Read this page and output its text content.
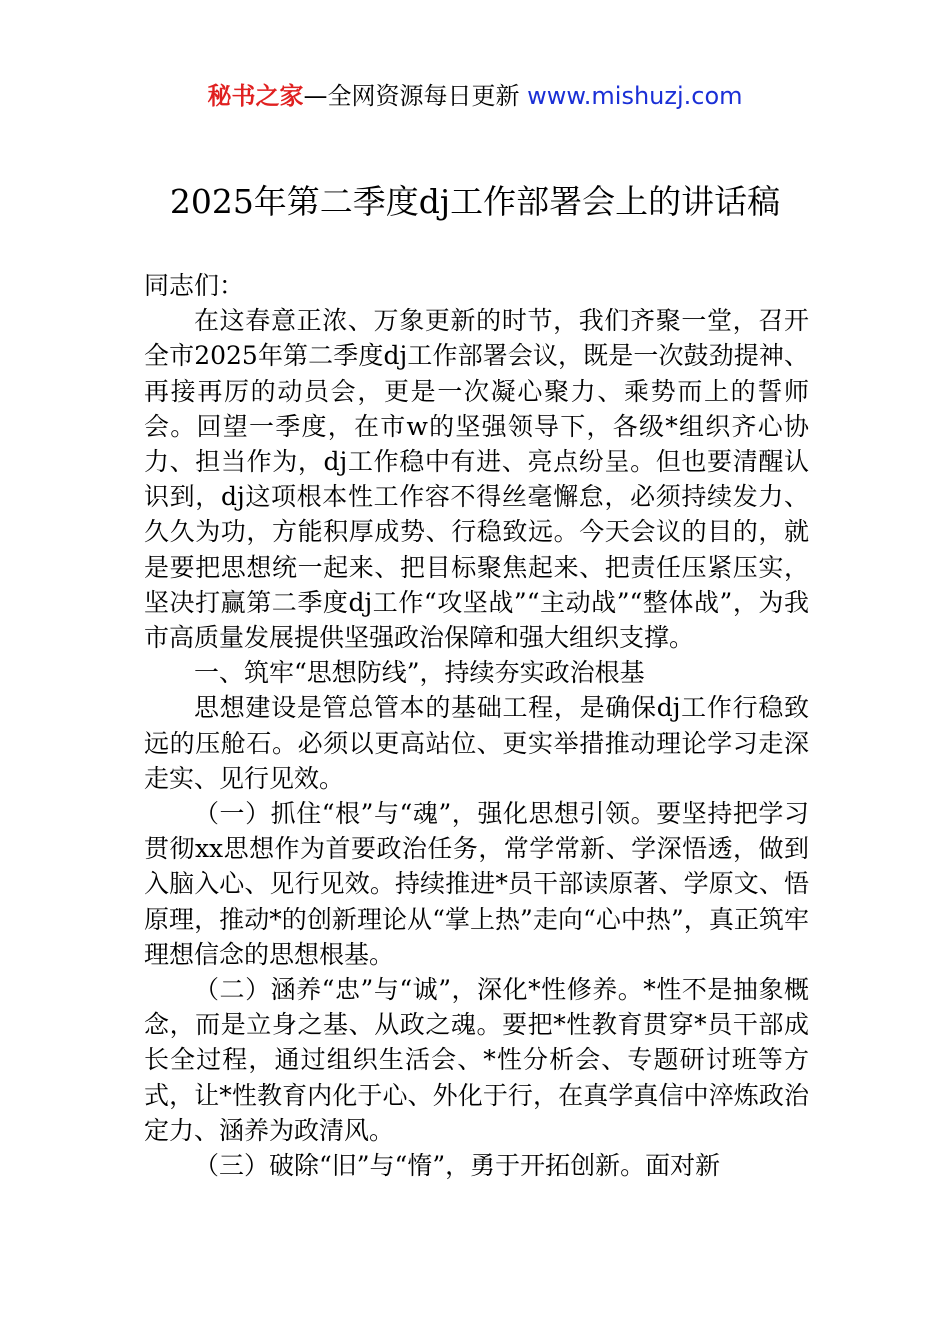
秘书之家—全网资源每日更新 www.mishuzj.com
2025年第二季度dj工作部署会上的讲话稿

同志们：

在这春意正浓、万象更新的时节，我们齐聚一堂，召开全市2025年第二季度dj工作部署会议，既是一次鼓劲提神、再接再厉的动员会，更是一次凝心聚力、乘势而上的誓师会。回望一季度，在市w的坚强领导下，各级*组织齐心协力、担当作为，dj工作稳中有进、亮点纷呈。但也要清醒认识到，dj这项根本性工作容不得丝毫懈怠，必须持续发力、久久为功，方能积厚成势、行稳致远。今天会议的目的，就是要把思想统一起来、把目标聚焦起来、把责任压紧压实，坚决打赢第二季度dj工作“攻坚战”“主动战”“整体战”，为我市高质量发展提供坚强政治保障和强大组织支撑。

一、筑牢“思想防线”，持续夯实政治根基

思想建设是管总管本的基础工程，是确保dj工作行稳致远的压舱石。必须以更高站位、更实举措推动理论学习走深走实、见行见效。

（一）抓住“根”与“魂”，强化思想引领。要坚持把学习贯彻xx思想作为首要政治任务，常学常新、学深悟透，做到入脑入心、见行见效。持续推进*员干部读原著、学原文、悟原理，推动*的创新理论从“掌上热”走向“心中热”，真正筑牢理想信念的思想根基。

（二）涵养“忠”与“诚”，深化*性修养。*性不是抽象概念，而是立身之基、从政之魂。要把*性教育贯穿*员干部成长全过程，通过组织生活会、*性分析会、专题研讨班等方式，让*性教育内化于心、外化于行，在真学真信中淬炼政治定力、涵养为政清风。

（三）破除“旧”与“惰”，勇于开拓创新。面对新
